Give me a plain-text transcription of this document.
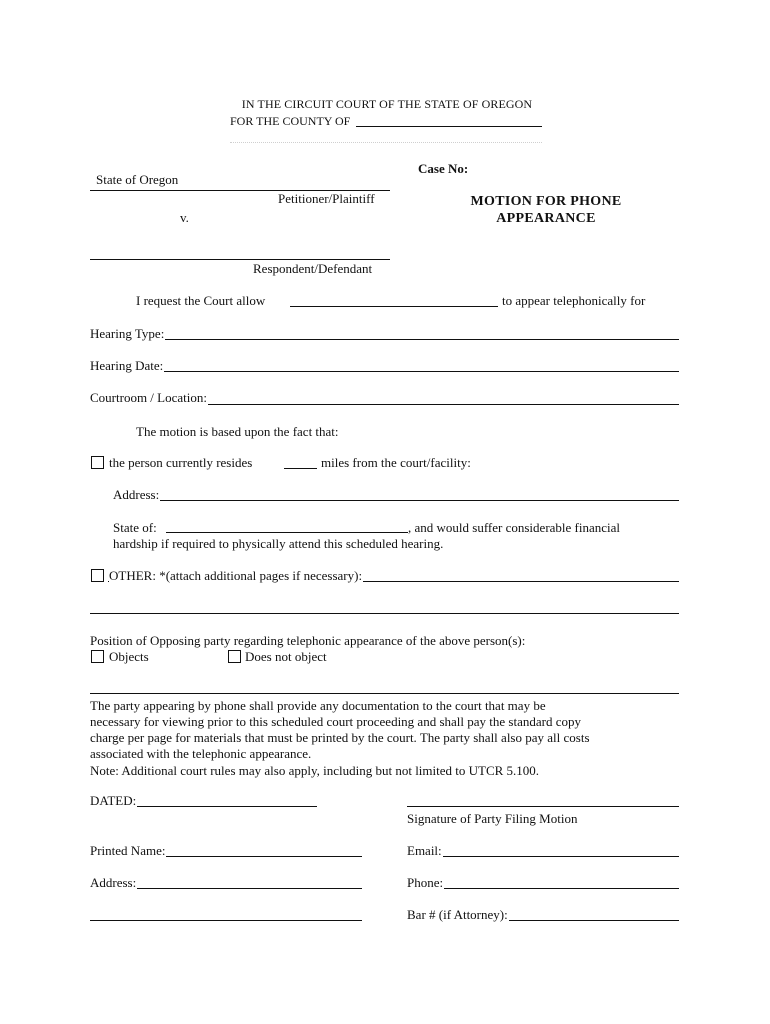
IN THE CIRCUIT COURT OF THE STATE OF OREGON
FOR THE COUNTY OF
State of Oregon
Petitioner/Plaintiff
v.
Respondent/Defendant
Case No:
MOTION FOR PHONE
APPEARANCE
I request the Court allow	to appear telephonically for
Hearing Type:
Hearing Date:
Courtroom / Location:
The motion is based upon the fact that:
the person currently resides	miles from the court/facility:
Address:
State of:	, and would suffer considerable financial
hardship if required to physically attend this scheduled hearing.
OTHER: *(attach additional pages if necessary):
Position of Opposing party regarding telephonic appearance of the above person(s):
Objects	Does not object
The party appearing by phone shall provide any documentation to the court that may be
necessary for viewing prior to this scheduled court proceeding and shall pay the standard copy
charge per page for materials that must be printed by the court. The party shall also pay all costs
associated with the telephonic appearance.
Note: Additional court rules may also apply, including but not limited to UTCR 5.100.
DATED:
Signature of Party Filing Motion
Printed Name:	Email:
Address:	Phone:
Bar # (if Attorney):
